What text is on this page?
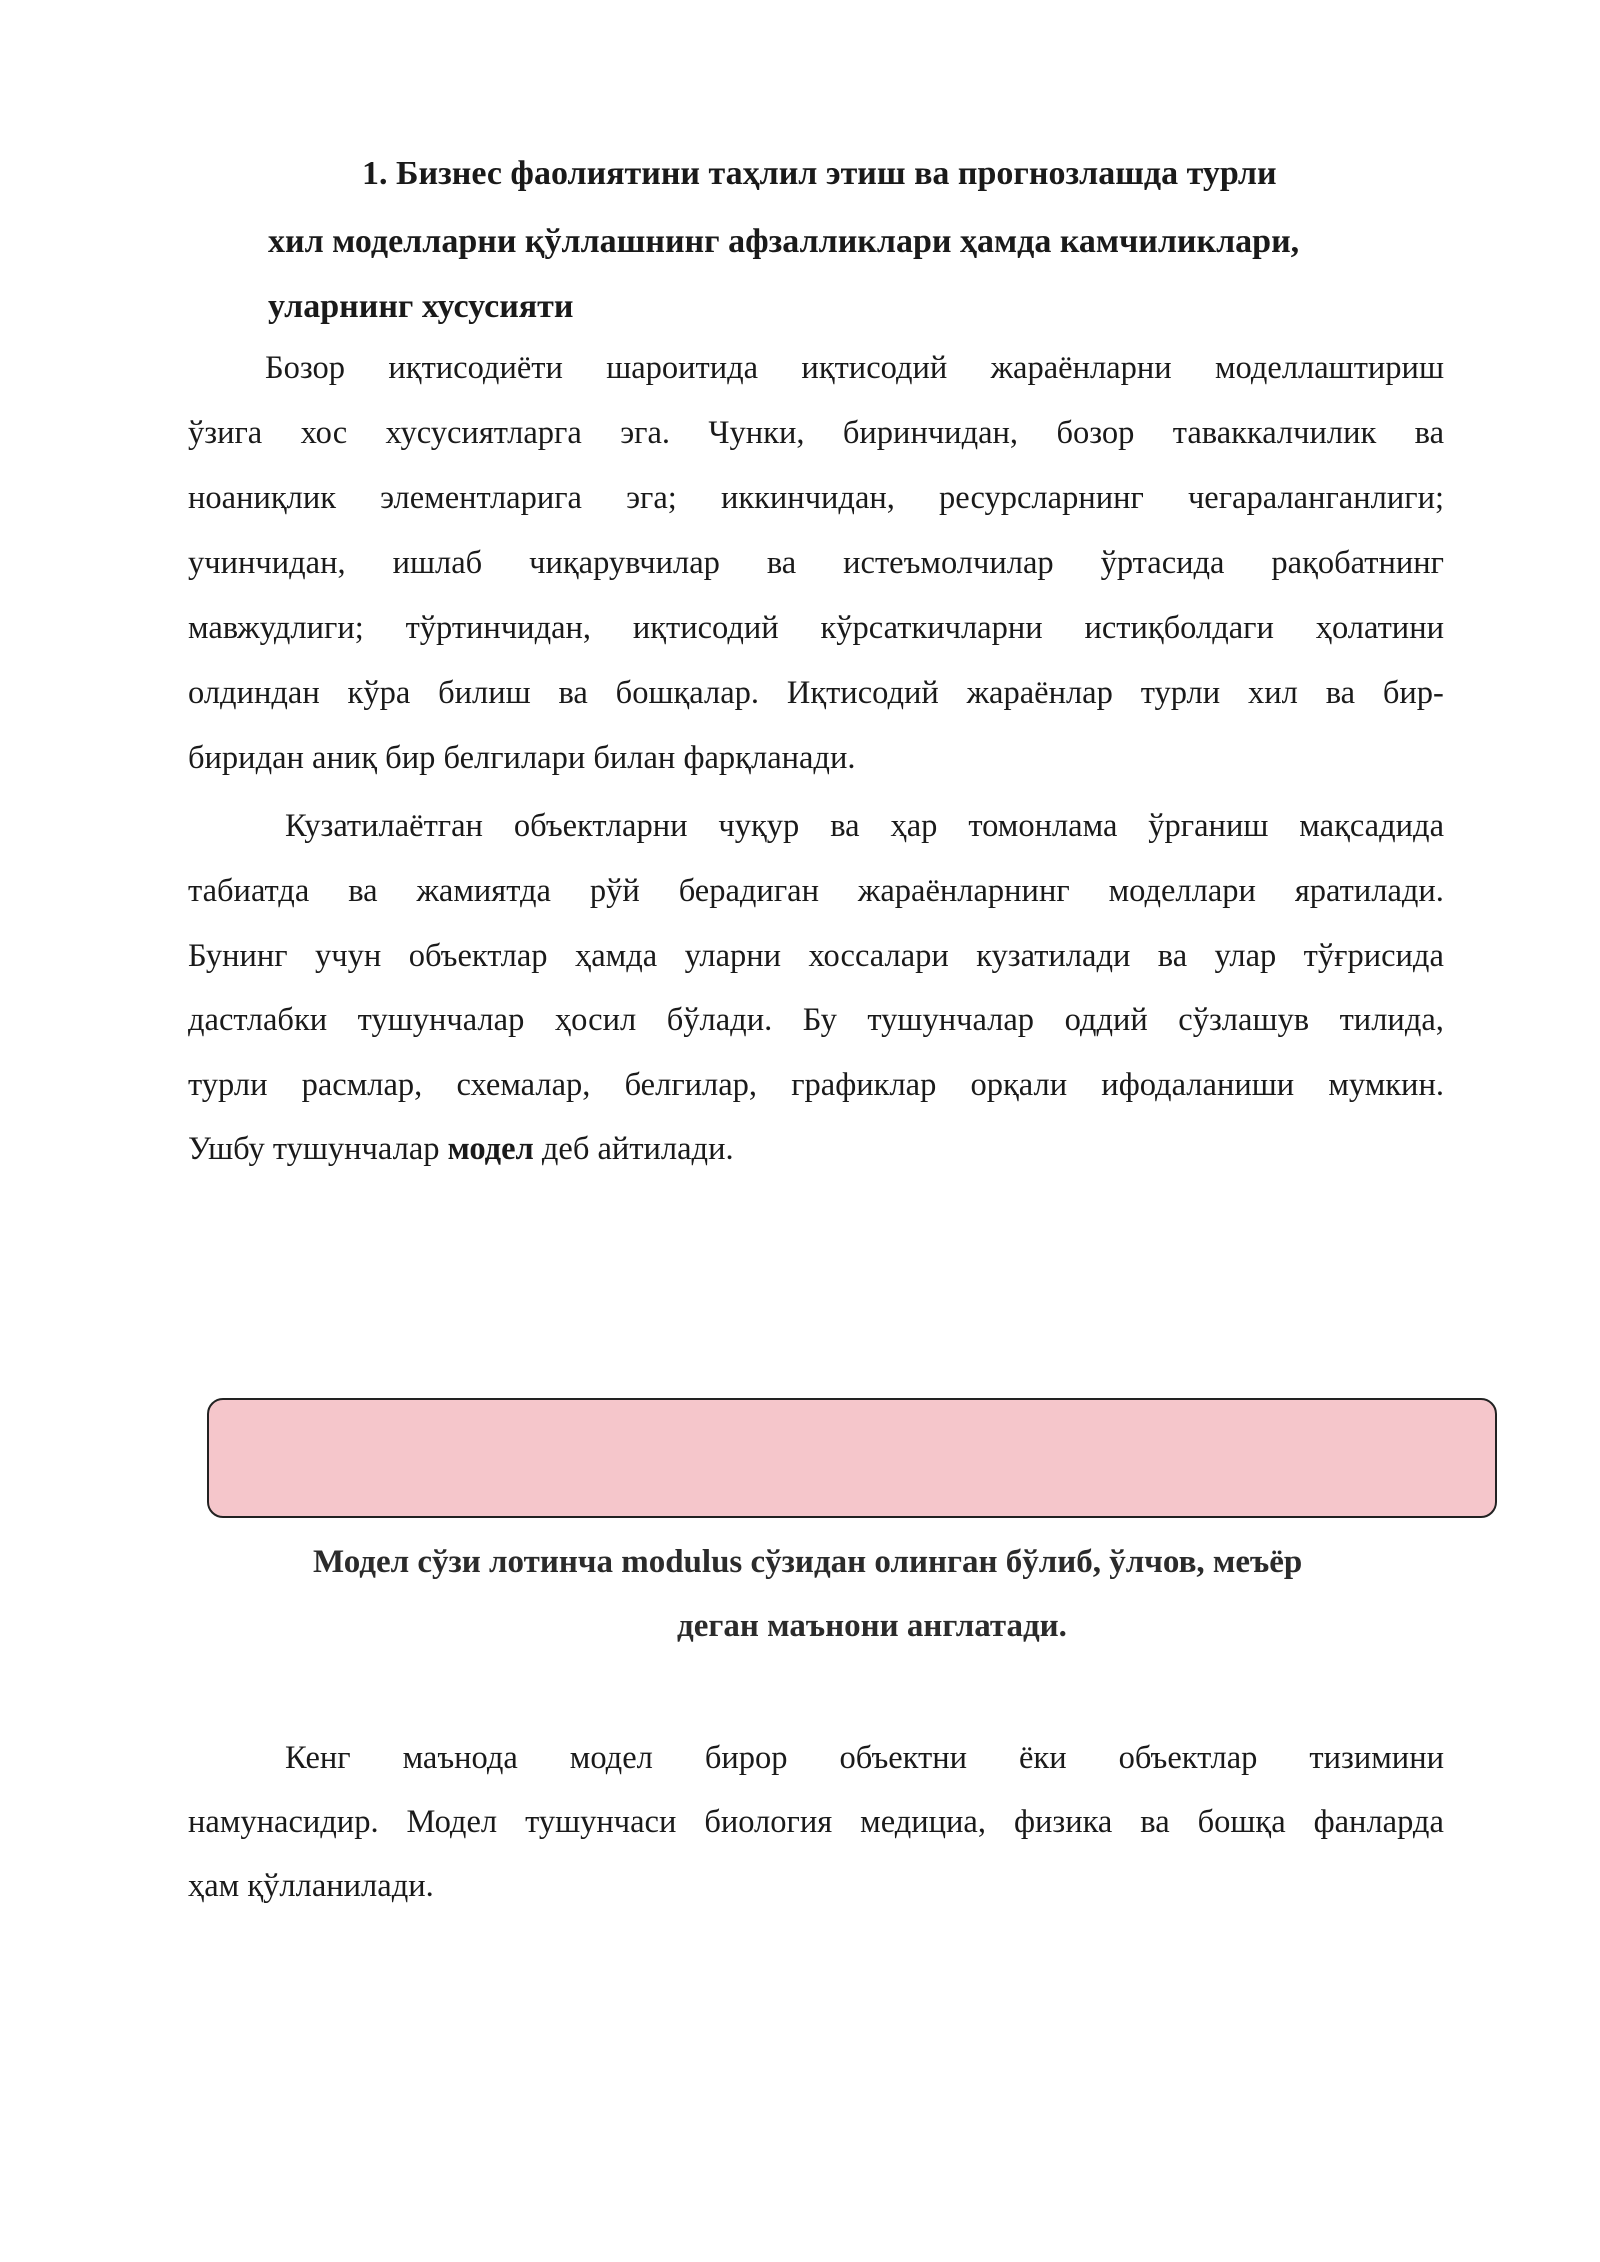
1. Бизнес фаолиятини таҳлил этиш ва прогнозлашда турли
хил моделларни қўллашнинг афзалликлари ҳамда камчиликлари,
уларнинг хусусияти
Бозор иқтисодиёти шароитида иқтисодий жараёнларни моделлаштириш
ўзига хос хусусиятларга эга. Чунки, биринчидан, бозор таваккалчилик ва
ноаниқлик элементларига эга; иккинчидан, ресурсларнинг чегараланганлиги;
учинчидан, ишлаб чиқарувчилар ва истеъмолчилар ўртасида рақобатнинг
мавжудлиги; тўртинчидан, иқтисодий кўрсаткичларни истиқболдаги ҳолатини
олдиндан кўра билиш ва бошқалар. Иқтисодий жараёнлар турли хил ва бир-
биридан аниқ бир белгилари билан фарқланади.
Кузатилаётган объектларни чуқур ва ҳар томонлама ўрганиш мақсадида
табиатда ва жамиятда рўй берадиган жараёнларнинг моделлари яратилади.
Бунинг учун объектлар ҳамда уларни хоссалари кузатилади ва улар тўғрисида
дастлабки тушунчалар ҳосил бўлади. Бу тушунчалар оддий сўзлашув тилида,
турли расмлар, схемалар, белгилар, графиклар орқали ифодаланиши мумкин.
Ушбу тушунчалар модел деб айтилади.
Модел сўзи лотинча modulus сўзидан олинган бўлиб, ўлчов, меъёр
деган маънони англатади.
Кенг маънода модел бирор объектни ёки объектлар тизимини
намунасидир. Модел тушунчаси биология медициа, физика ва бошқа фанларда
ҳам қўлланилади.
